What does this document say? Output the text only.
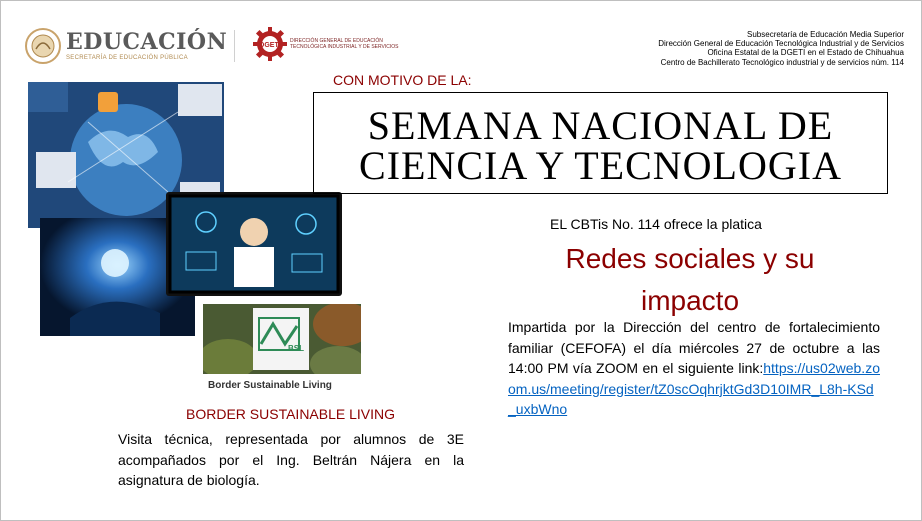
EDUCACIÓN
SECRETARÍA DE EDUCACIÓN PÚBLICA
DGETI
DIRECCIÓN GENERAL DE EDUCACIÓN TECNOLÓGICA INDUSTRIAL Y DE SERVICIOS
Subsecretaría de Educación Media Superior
Dirección General de Educación Tecnológica Industrial y de Servicios
Oficina Estatal de la DGETI en el Estado de Chihuahua
Centro de Bachillerato Tecnológico industrial y de servicios núm. 114
BSL
Border Sustainable Living
CON MOTIVO DE LA:
SEMANA NACIONAL DE
CIENCIA Y TECNOLOGIA
EL CBTis No. 114 ofrece la platica
Redes sociales y su
impacto
Impartida por la Dirección del centro de fortalecimiento familiar (CEFOFA) el día miércoles 27 de octubre a las 14:00 PM vía ZOOM en el siguiente link:https://us02web.zoom.us/meeting/register/tZ0scOqhrjktGd3D10IMR_L8h-KSd_uxbWno
BORDER SUSTAINABLE LIVING
Visita técnica, representada por alumnos de 3E acompañados por el Ing. Beltrán Nájera en la asignatura de biología.
